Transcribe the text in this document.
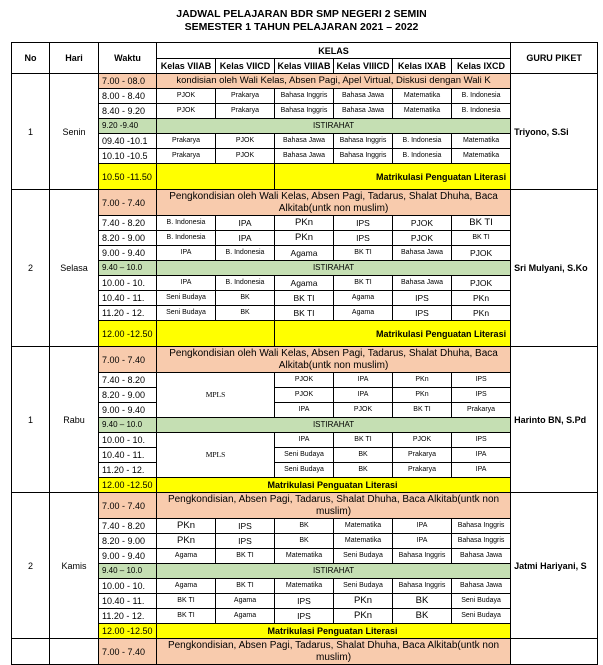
JADWAL PELAJARAN BDR SMP NEGERI 2 SEMIN
SEMESTER 1 TAHUN PELAJARAN 2021 – 2022
No	Hari	Waktu	KELAS						GURU PIKET
			Kelas VIIAB	Kelas VIICD	Kelas VIIIAB	Kelas VIIICD	Kelas IXAB	Kelas IXCD	
1	Senin	7.00 - 08.0	kondisian oleh Wali Kelas, Absen Pagi, Apel Virtual, Diskusi dengan Wali K						Triyono, S.Si
		8.00 - 8.40	PJOK	Prakarya	Bahasa Inggris	Bahasa Jawa	Matematika	B. Indonesia	
		8.40 - 9.20	PJOK	Prakarya	Bahasa Inggris	Bahasa Jawa	Matematika	B. Indonesia	
		9.20 -9.40	ISTIRAHAT						
		09.40 -10.1	Prakarya	PJOK	Bahasa Jawa	Bahasa Inggris	B. Indonesia	Matematika	
		10.10 -10.5	Prakarya	PJOK	Bahasa Jawa	Bahasa Inggris	B. Indonesia	Matematika	
		10.50 -11.50			Matrikulasi Penguatan Literasi				
2	Selasa	7.00 - 7.40	Pengkondisian oleh Wali Kelas, Absen Pagi, Tadarus, Shalat Dhuha, Baca Alkitab(untk non muslim)						Sri Mulyani, S.Ko
		7.40 - 8.20	B. Indonesia	IPA	PKn	IPS	PJOK	BK TI	
		8.20 - 9.00	B. Indonesia	IPA	PKn	IPS	PJOK	BK TI	
		9.00 - 9.40	IPA	B. Indonesia	Agama	BK TI	Bahasa Jawa	PJOK	
		9.40 – 10.0	ISTIRAHAT						
		10.00 - 10.	IPA	B. Indonesia	Agama	BK TI	Bahasa Jawa	PJOK	
		10.40 - 11.	Seni Budaya	BK	BK TI	Agama	IPS	PKn	
		11.20 - 12.	Seni Budaya	BK	BK TI	Agama	IPS	PKn	
		12.00 -12.50			Matrikulasi Penguatan Literasi				
1	Rabu	7.00 - 7.40	Pengkondisian oleh Wali Kelas, Absen Pagi, Tadarus, Shalat Dhuha, Baca Alkitab(untk non muslim)						Harinto BN, S.Pd
		7.40 - 8.20	MPLS		PJOK	IPA	PKn	IPS	
		8.20 - 9.00			PJOK	IPA	PKn	IPS	
		9.00 - 9.40			IPA	PJOK	BK TI	Prakarya	
		9.40 – 10.0	ISTIRAHAT						
		10.00 - 10.	MPLS		IPA	BK TI	PJOK	IPS	
		10.40 - 11.			Seni Budaya	BK	Prakarya	IPA	
		11.20 - 12.			Seni Budaya	BK	Prakarya	IPA	
		12.00 -12.50	Matrikulasi Penguatan Literasi						
2	Kamis	7.00 - 7.40	Pengkondisian, Absen Pagi, Tadarus, Shalat Dhuha, Baca Alkitab(untk non muslim)						Jatmi Hariyani, S
		7.40 - 8.20	PKn	IPS	BK	Matematika	IPA	Bahasa Inggris	
		8.20 - 9.00	PKn	IPS	BK	Matematika	IPA	Bahasa Inggris	
		9.00 - 9.40	Agama	BK TI	Matematika	Seni Budaya	Bahasa Inggris	Bahasa Jawa	
		9.40 – 10.0	ISTIRAHAT						
		10.00 - 10.	Agama	BK TI	Matematika	Seni Budaya	Bahasa Inggris	Bahasa Jawa	
		10.40 - 11.	BK TI	Agama	IPS	PKn	BK	Seni Budaya	
		11.20 - 12.	BK TI	Agama	IPS	PKn	BK	Seni Budaya	
		12.00 -12.50	Matrikulasi Penguatan Literasi						
		7.00 - 7.40	Pengkondisian, Absen Pagi, Tadarus, Shalat Dhuha, Baca Alkitab(untk non muslim)						
